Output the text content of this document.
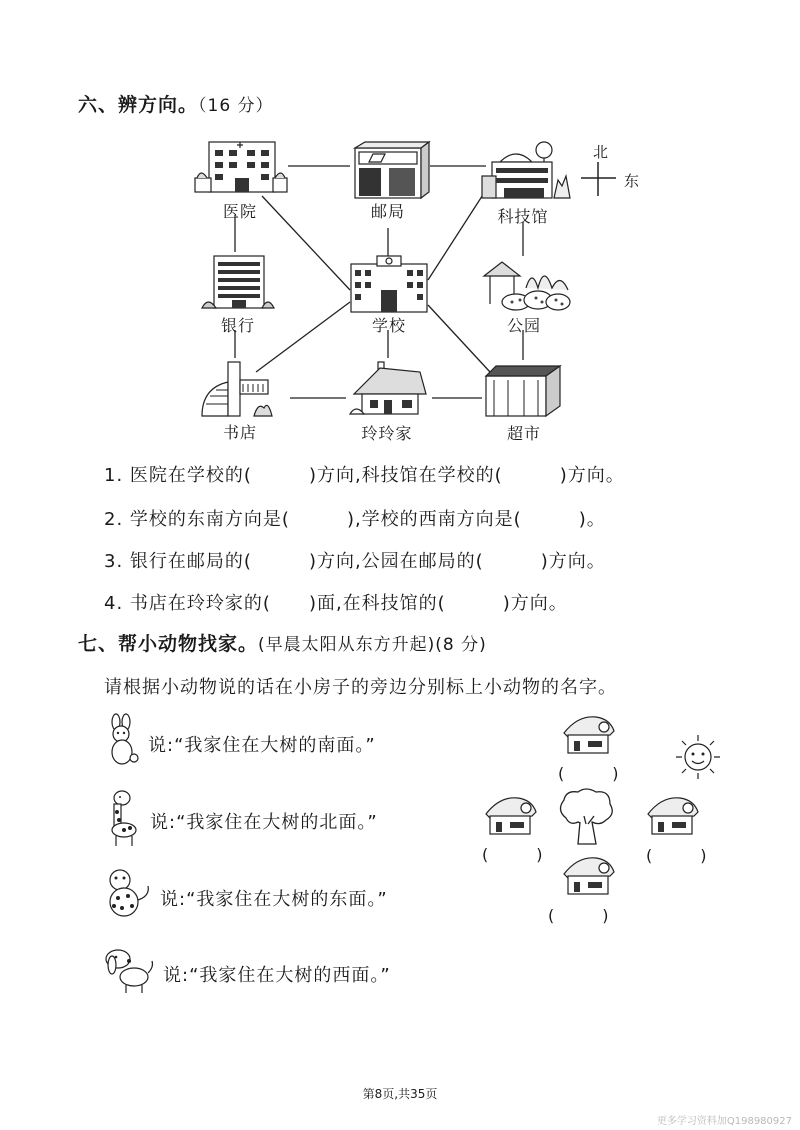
六、辨方向。（16 分）
北
东
医院	邮局	科技馆
银行	学校	公园
书店	玲玲家	超市
1. 医院在学校的(　　　)方向,科技馆在学校的(　　　)方向。
2. 学校的东南方向是(　　　),学校的西南方向是(　　　)。
3. 银行在邮局的(　　　)方向,公园在邮局的(　　　)方向。
4. 书店在玲玲家的(　　)面,在科技馆的(　　　)方向。
七、帮小动物找家。(早晨太阳从东方升起)(8 分)
请根据小动物说的话在小房子的旁边分别标上小动物的名字。
说:“我家住在大树的南面。”
说:“我家住在大树的北面。”
说:“我家住在大树的东面。”
说:“我家住在大树的西面。”
(　　　)
(　　　)	(　　　)
(　　　)
第8页,共35页
更多学习资料加Q198980927
